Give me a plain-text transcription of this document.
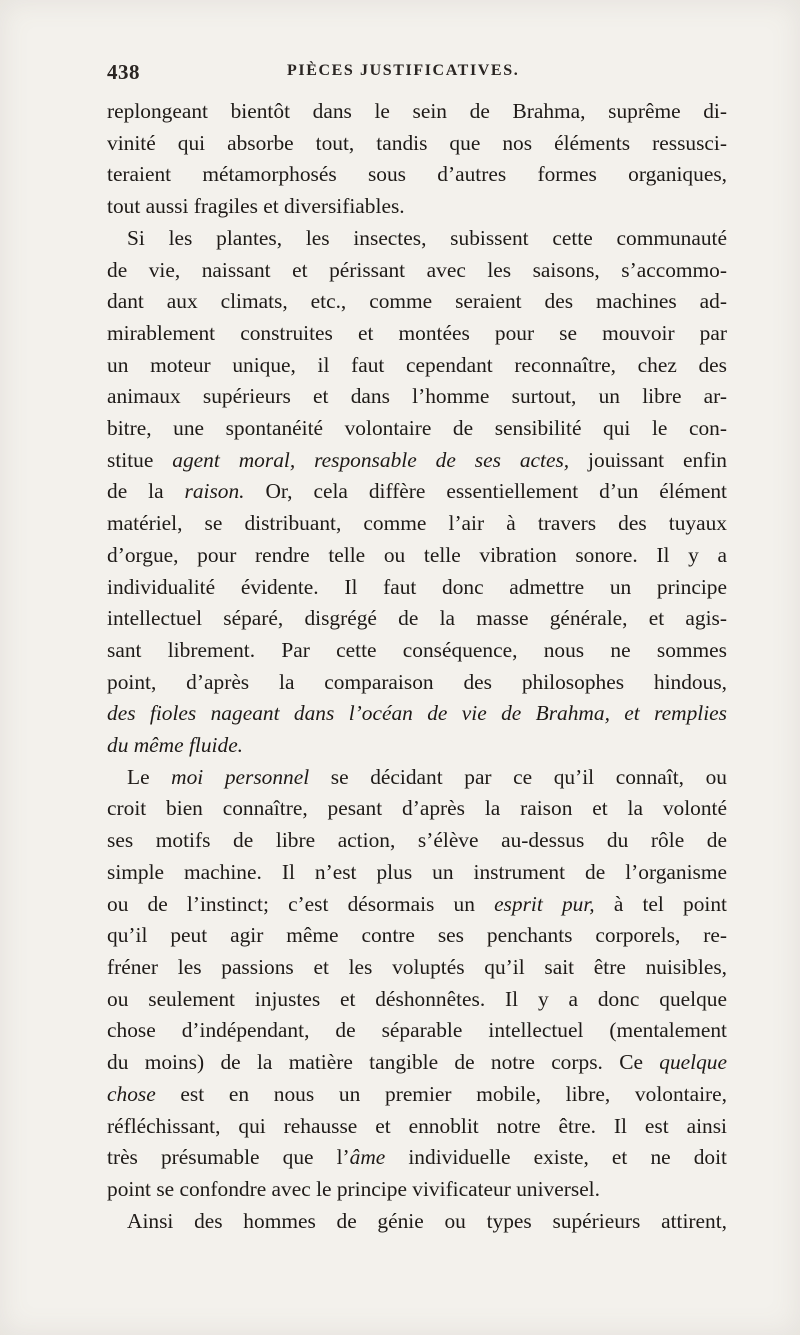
438	PIÈCES JUSTIFICATIVES.
replongeant bientôt dans le sein de Brahma, suprême di-
vinité qui absorbe tout, tandis que nos éléments ressusci-
teraient métamorphosés sous d’autres formes organiques,
tout aussi fragiles et diversifiables.
Si les plantes, les insectes, subissent cette communauté
de vie, naissant et périssant avec les saisons, s’accommo-
dant aux climats, etc., comme seraient des machines ad-
mirablement construites et montées pour se mouvoir par
un moteur unique, il faut cependant reconnaître, chez des
animaux supérieurs et dans l’homme surtout, un libre ar-
bitre, une spontanéité volontaire de sensibilité qui le con-
stitue agent moral, responsable de ses actes, jouissant enfin
de la raison. Or, cela diffère essentiellement d’un élément
matériel, se distribuant, comme l’air à travers des tuyaux
d’orgue, pour rendre telle ou telle vibration sonore. Il y a
individualité évidente. Il faut donc admettre un principe
intellectuel séparé, disgrégé de la masse générale, et agis-
sant librement. Par cette conséquence, nous ne sommes
point, d’après la comparaison des philosophes hindous,
des fioles nageant dans l’océan de vie de Brahma, et remplies
du même fluide.
Le moi personnel se décidant par ce qu’il connaît, ou
croit bien connaître, pesant d’après la raison et la volonté
ses motifs de libre action, s’élève au-dessus du rôle de
simple machine. Il n’est plus un instrument de l’organisme
ou de l’instinct; c’est désormais un esprit pur, à tel point
qu’il peut agir même contre ses penchants corporels, re-
fréner les passions et les voluptés qu’il sait être nuisibles,
ou seulement injustes et déshonnêtes. Il y a donc quelque
chose d’indépendant, de séparable intellectuel (mentalement
du moins) de la matière tangible de notre corps. Ce quelque
chose est en nous un premier mobile, libre, volontaire,
réfléchissant, qui rehausse et ennoblit notre être. Il est ainsi
très présumable que l’âme individuelle existe, et ne doit
point se confondre avec le principe vivificateur universel.
Ainsi des hommes de génie ou types supérieurs attirent,
